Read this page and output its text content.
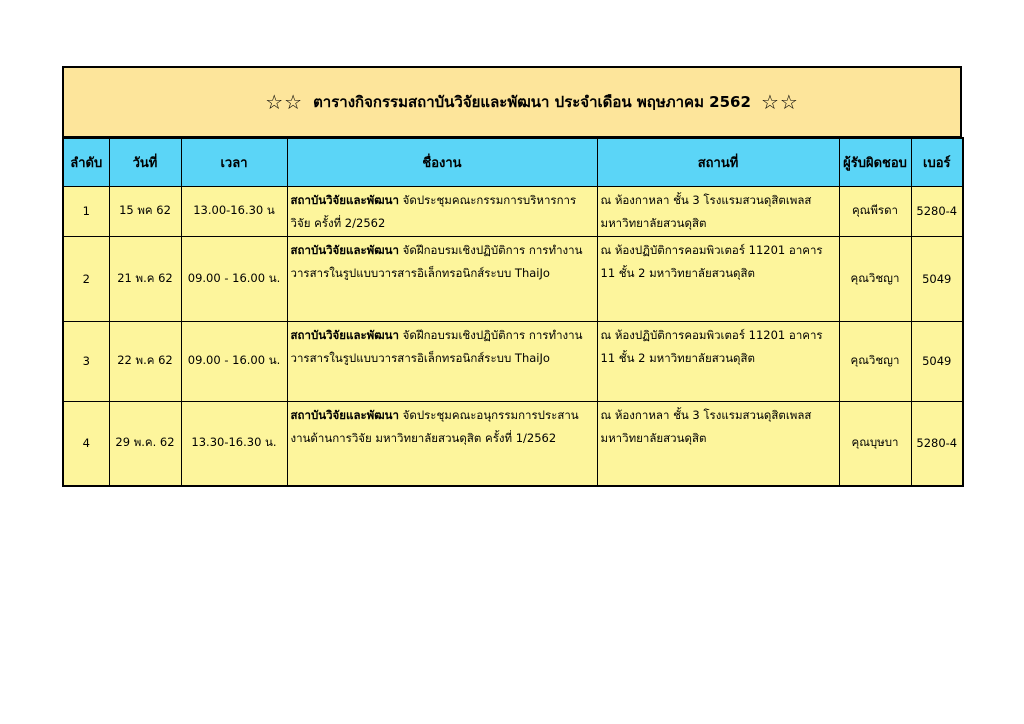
☆☆ ตารางกิจกรรมสถาบันวิจัยและพัฒนา ประจำเดือน พฤษภาคม 2562 ☆☆
ลำดับ	วันที่	เวลา	ชื่องาน	สถานที่	ผู้รับผิดชอบ	เบอร์
1	15 พค 62	13.00-16.30 น	สถาบันวิจัยและพัฒนา จัดประชุมคณะกรรมการบริหารการวิจัย ครั้งที่ 2/2562	ณ ห้องกาหลา ชั้น 3 โรงแรมสวนดุสิตเพลส มหาวิทยาลัยสวนดุสิต	คุณพีรดา	5280-4
2	21 พ.ค 62	09.00 - 16.00 น.	สถาบันวิจัยและพัฒนา จัดฝึกอบรมเชิงปฏิบัติการ การทำงานวารสารในรูปแบบวารสารอิเล็กทรอนิกส์ระบบ ThaiJo	ณ ห้องปฏิบัติการคอมพิวเตอร์ 11201 อาคาร 11 ชั้น 2 มหาวิทยาลัยสวนดุสิต	คุณวิชญา	5049
3	22 พ.ค 62	09.00 - 16.00 น.	สถาบันวิจัยและพัฒนา จัดฝึกอบรมเชิงปฏิบัติการ การทำงานวารสารในรูปแบบวารสารอิเล็กทรอนิกส์ระบบ ThaiJo	ณ ห้องปฏิบัติการคอมพิวเตอร์ 11201 อาคาร 11 ชั้น 2 มหาวิทยาลัยสวนดุสิต	คุณวิชญา	5049
4	29 พ.ค. 62	13.30-16.30 น.	สถาบันวิจัยและพัฒนา จัดประชุมคณะอนุกรรมการประสานงานด้านการวิจัย มหาวิทยาลัยสวนดุสิต ครั้งที่ 1/2562	ณ ห้องกาหลา ชั้น 3 โรงแรมสวนดุสิตเพลส มหาวิทยาลัยสวนดุสิต	คุณบุษบา	5280-4
